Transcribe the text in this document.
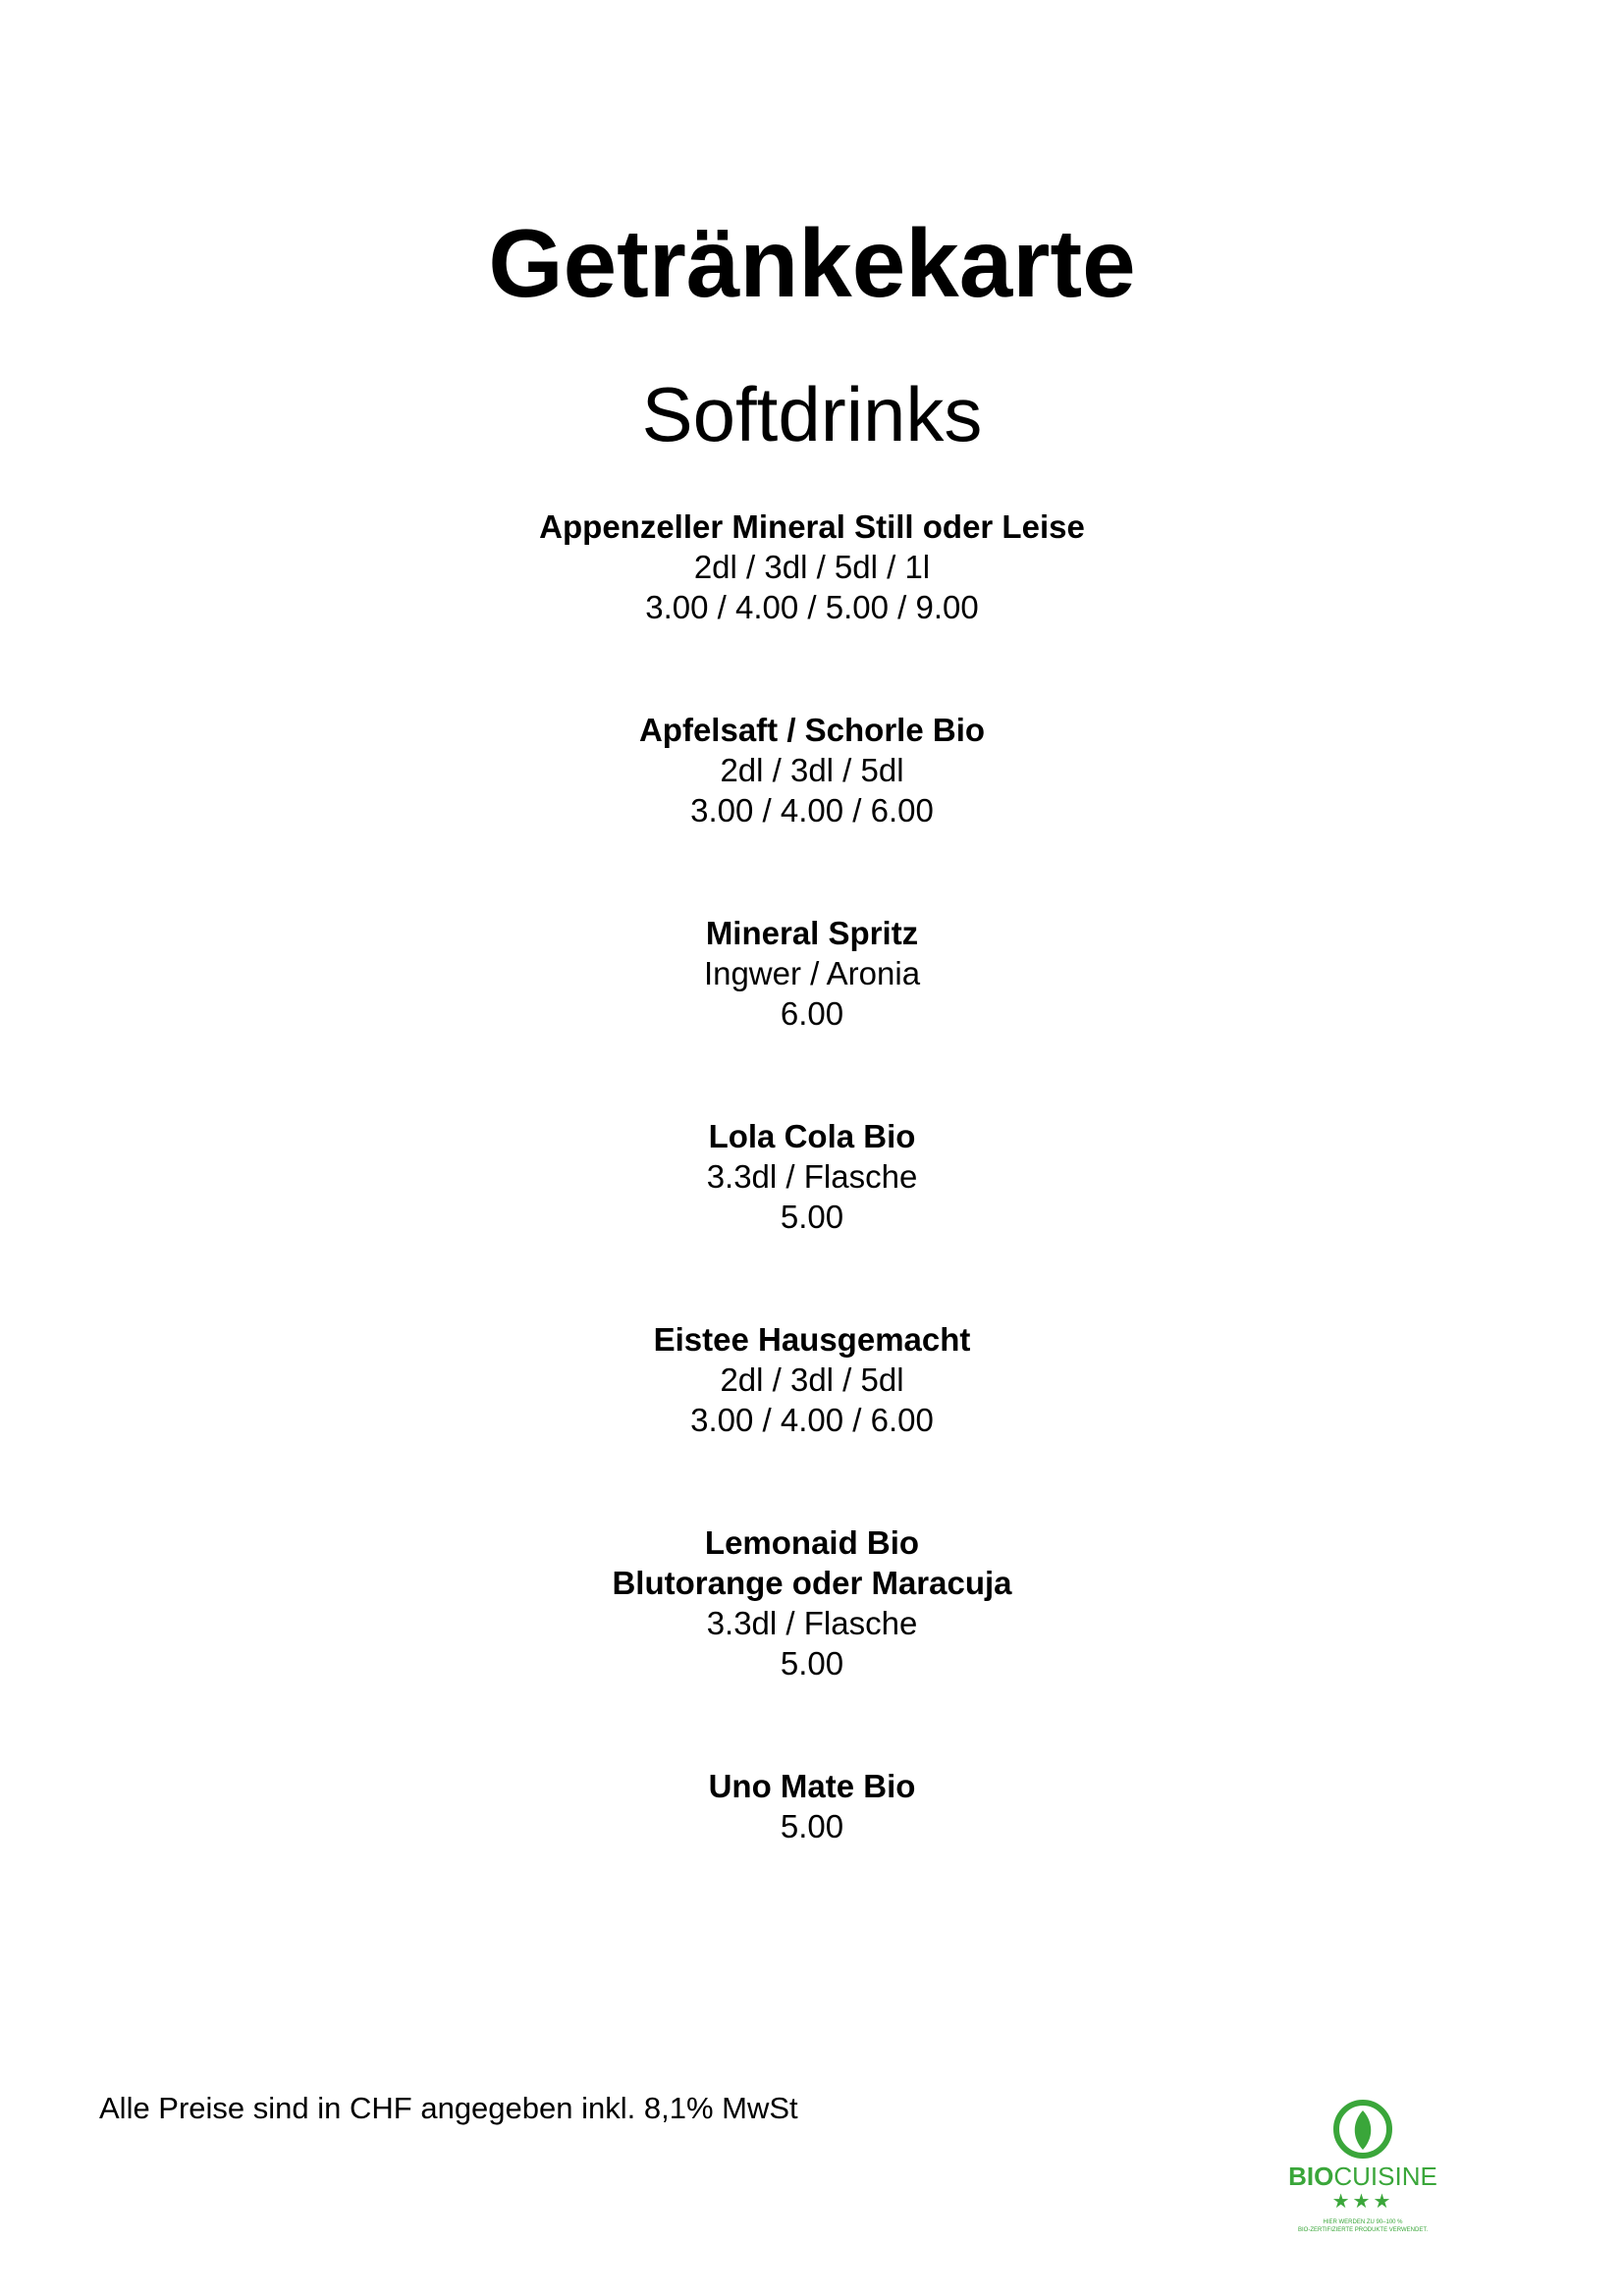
Getränkekarte
Softdrinks
Appenzeller Mineral Still oder Leise
2dl / 3dl / 5dl / 1l
3.00 / 4.00 / 5.00 / 9.00
Apfelsaft / Schorle Bio
2dl / 3dl / 5dl
3.00 / 4.00 / 6.00
Mineral Spritz
Ingwer / Aronia
6.00
Lola Cola Bio
3.3dl / Flasche
5.00
Eistee Hausgemacht
2dl / 3dl / 5dl
3.00 / 4.00 / 6.00
Lemonaid Bio
Blutorange oder Maracuja
3.3dl / Flasche
5.00
Uno Mate Bio
5.00
Alle Preise sind in CHF angegeben inkl. 8,1% MwSt
BIOCUISINE
★★★
HIER WERDEN ZU 90–100 %
BIO-ZERTIFIZIERTE PRODUKTE VERWENDET.
